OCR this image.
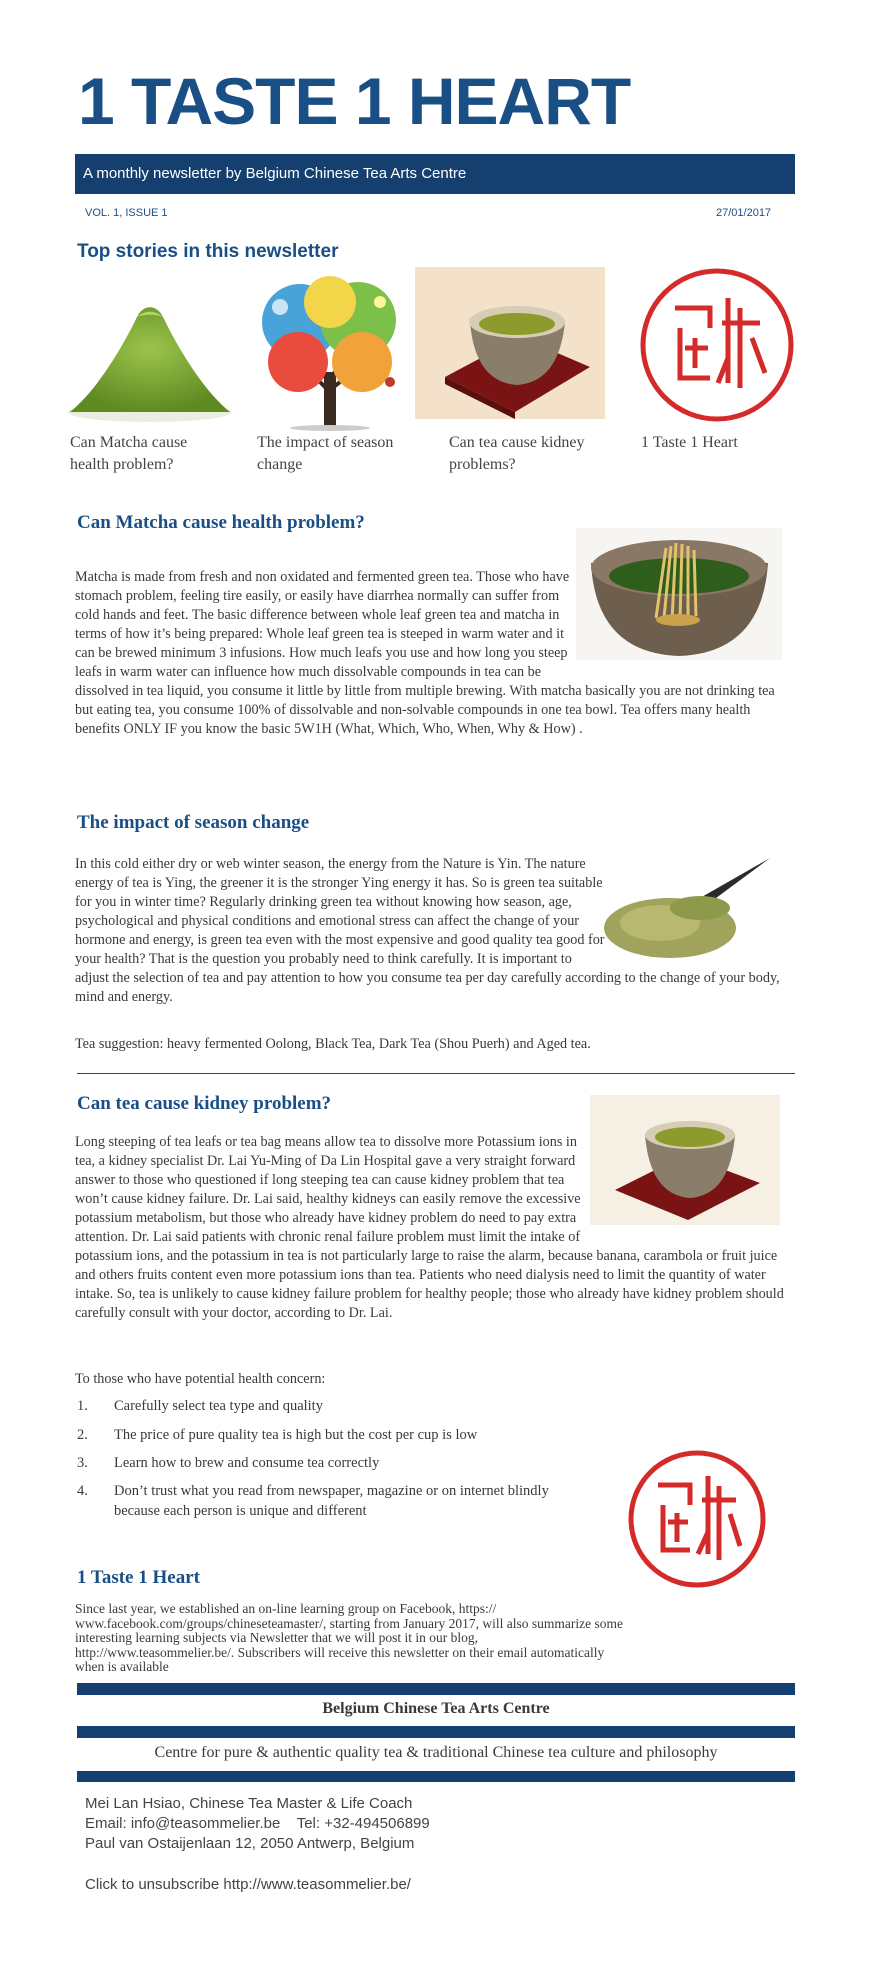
1 TASTE 1 HEART
A monthly newsletter by Belgium Chinese Tea Arts Centre
VOL. 1, ISSUE 1	27/01/2017
Top stories in this newsletter
Can Matcha cause health problem?
The impact of season change
Can tea cause kidney problems?
1 Taste 1 Heart
Can Matcha cause health problem?

Matcha is made from fresh and non oxidated and fermented green tea. Those who have stomach problem, feeling tire easily, or easily have diarrhea normally can suffer from cold hands and feet. The basic difference between whole leaf green tea and matcha in terms of how it’s being prepared: Whole leaf green tea is steeped in warm water and it can be brewed minimum 3 infusions. How much leafs you use and how long you steep leafs in warm water can influence how much dissolvable compounds in tea can be dissolved in tea liquid, you consume it little by little from multiple brewing. With matcha basically you are not drinking tea but eating tea, you consume 100% of dissolvable and non-solvable compounds in one tea bowl. Tea offers many health benefits ONLY IF you know the basic 5W1H (What, Which, Who, When, Why & How) .

The impact of season change

In this cold either dry or web winter season, the energy from the Nature is Yin. The nature energy of tea is Ying, the greener it is the stronger Ying energy it has. So is green tea suitable for you in winter time? Regularly drinking green tea without knowing how season, age, psychological and physical conditions and emotional stress can affect the change of your hormone and energy, is green tea even with the most expensive and good quality tea good for your health? That is the question you probably need to think carefully. It is important to adjust the selection of tea and pay attention to how you consume tea per day carefully according to the change of your body, mind and energy.

Tea suggestion: heavy fermented Oolong, Black Tea, Dark Tea (Shou Puerh) and Aged tea.
Can tea cause kidney problem?

Long steeping of tea leafs or tea bag means allow tea to dissolve more Potassium ions in tea, a kidney specialist Dr. Lai Yu-Ming of Da Lin Hospital gave a very straight forward answer to those who questioned if long steeping tea can cause kidney problem that tea won’t cause kidney failure. Dr. Lai said, healthy kidneys can easily remove the excessive potassium metabolism, but those who already have kidney problem do need to pay extra attention. Dr. Lai said patients with chronic renal failure problem must limit the intake of potassium ions, and the potassium in tea is not particularly large to raise the alarm, because banana, carambola or fruit juice and others fruits content even more potassium ions than tea. Patients who need dialysis need to limit the quantity of water intake. So, tea is unlikely to cause kidney failure problem for healthy people; those who already have kidney problem should carefully consult with your doctor, according to Dr. Lai.

To those who have potential health concern:
1. Carefully select tea type and quality
2. The price of pure quality tea is high but the cost per cup is low
3. Learn how to brew and consume tea correctly
4. Don’t trust what you read from newspaper, magazine or on internet blindly because each person is unique and different
1 Taste 1 Heart
Since last year, we established an on-line learning group on Facebook, https:// www.facebook.com/groups/chineseteamaster/, starting from January 2017, will also summarize some interesting learning subjects via Newsletter that we will post it in our blog, http://www.teasommelier.be/. Subscribers will receive this newsletter on their email automatically when is available
Belgium Chinese Tea Arts Centre
Centre for pure & authentic quality tea & traditional Chinese tea culture and philosophy
Mei Lan Hsiao, Chinese Tea Master & Life Coach
Email: info@teasommelier.be    Tel: +32-494506899
Paul van Ostaijenlaan 12, 2050 Antwerp, Belgium
Click to unsubscribe http://www.teasommelier.be/
